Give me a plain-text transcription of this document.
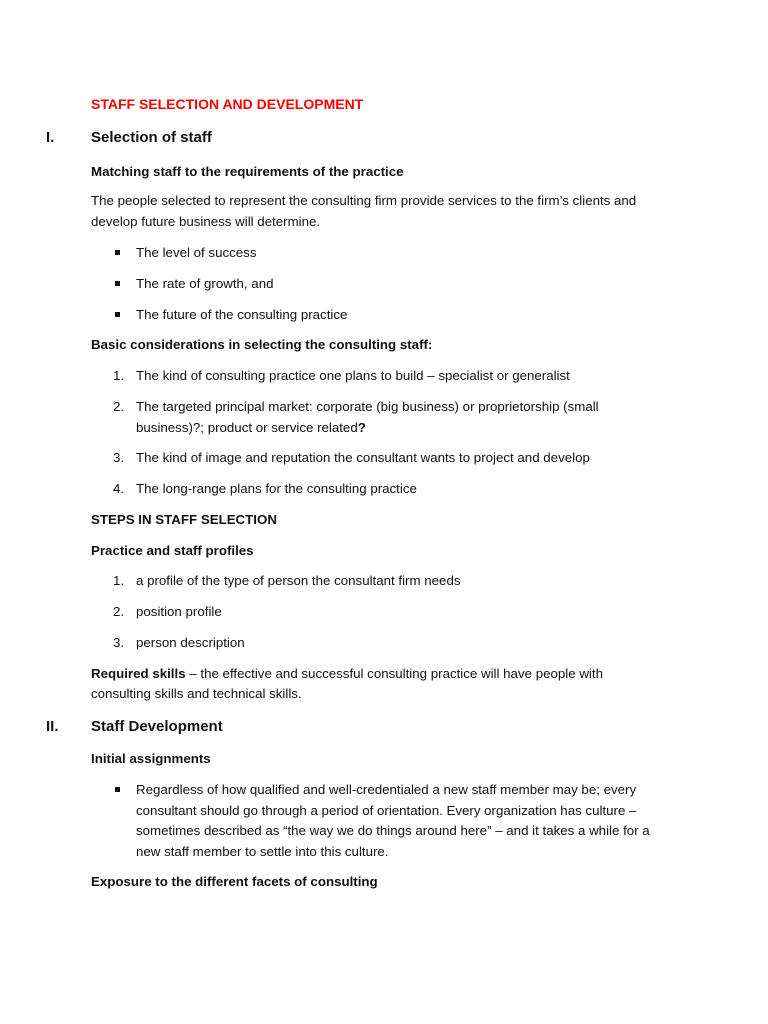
STAFF SELECTION AND DEVELOPMENT
I. Selection of staff
Matching staff to the requirements of the practice
The people selected to represent the consulting firm provide services to the firm’s clients and
develop future business will determine.
The level of success
The rate of growth, and
The future of the consulting practice
Basic considerations in selecting the consulting staff:
1. The kind of consulting practice one plans to build – specialist or generalist
2. The targeted principal market: corporate (big business) or proprietorship (small
business)?; product or service related?
3. The kind of image and reputation the consultant wants to project and develop
4. The long-range plans for the consulting practice
STEPS IN STAFF SELECTION
Practice and staff profiles
1. a profile of the type of person the consultant firm needs
2. position profile
3. person description
Required skills – the effective and successful consulting practice will have people with
consulting skills and technical skills.
II. Staff Development
Initial assignments
Regardless of how qualified and well-credentialed a new staff member may be; every
consultant should go through a period of orientation. Every organization has culture –
sometimes described as “the way we do things around here” – and it takes a while for a
new staff member to settle into this culture.
Exposure to the different facets of consulting
